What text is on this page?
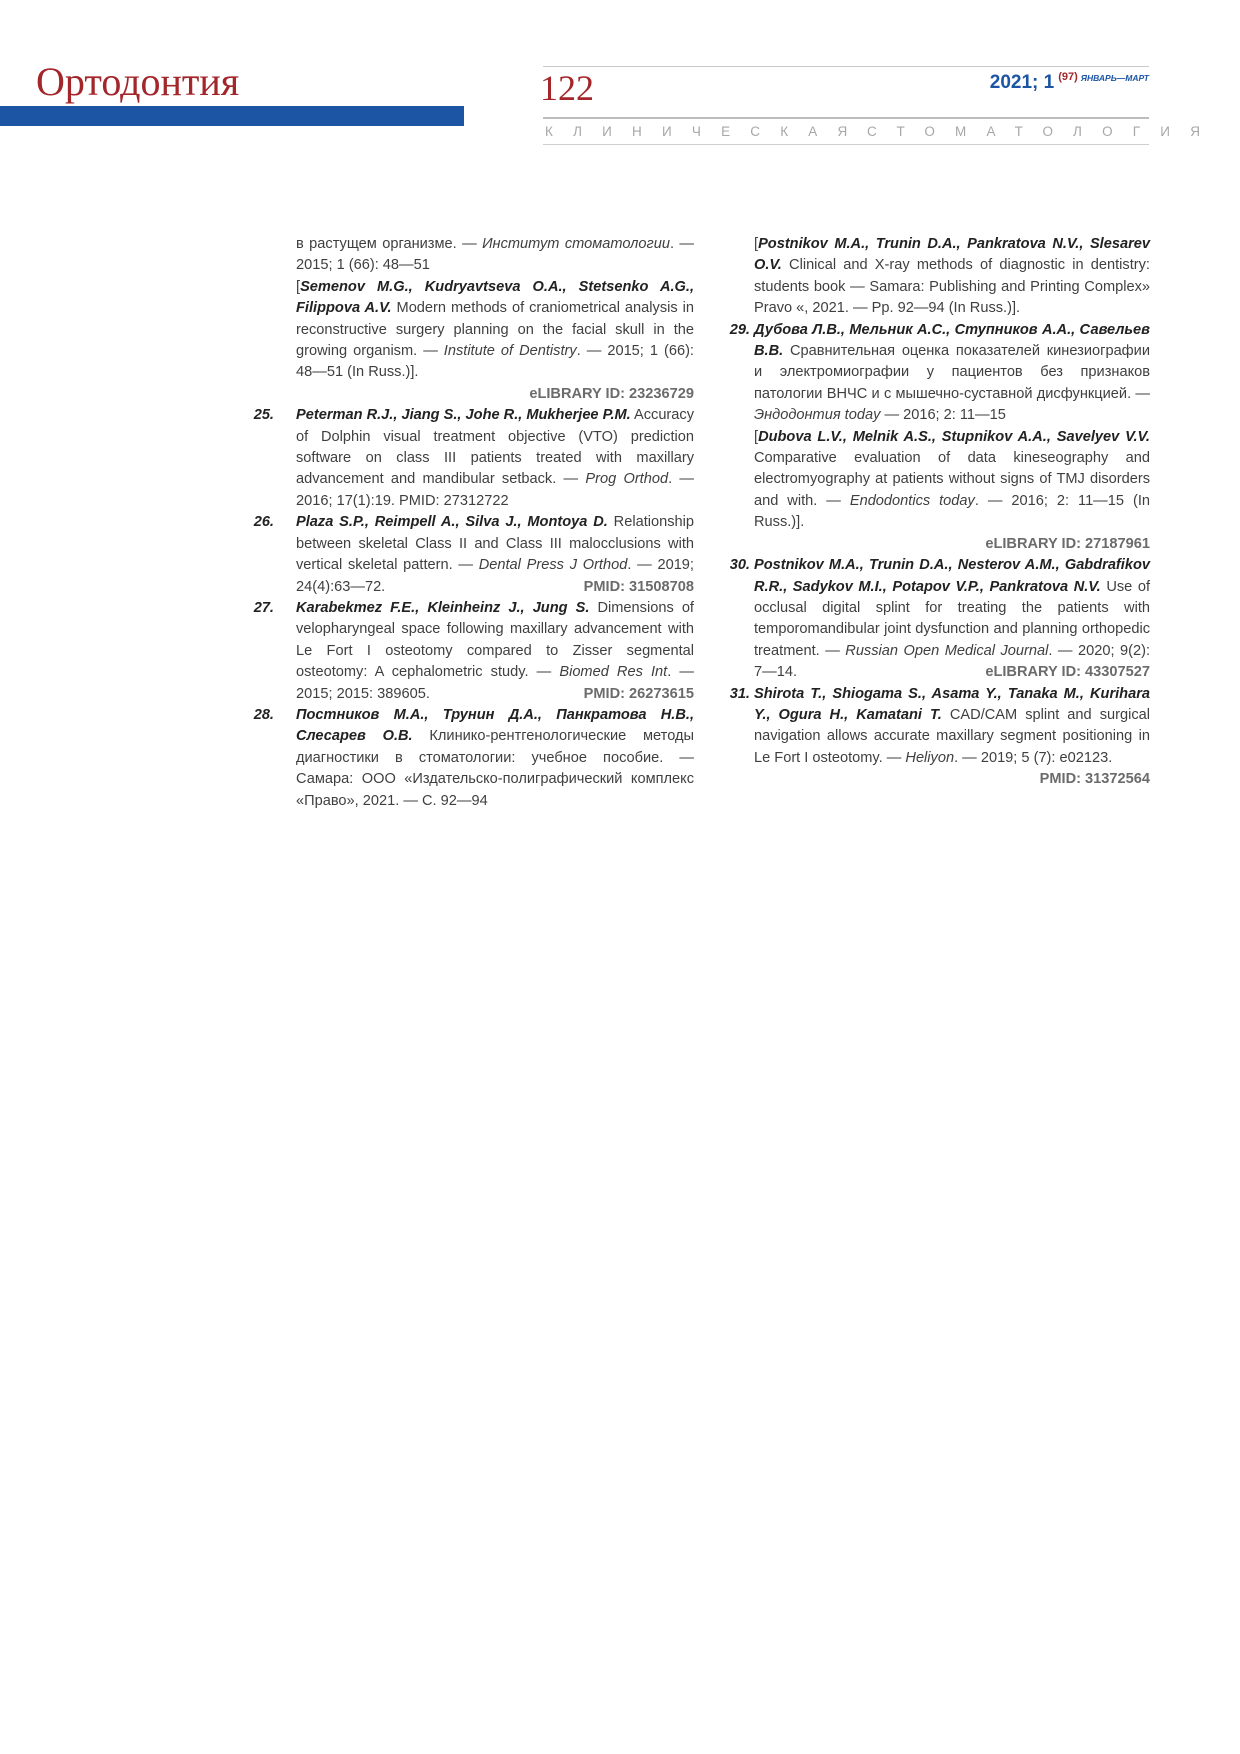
Ортодонтия	122	2021; 1 $^{(97)}$ $^{ЯНВАРЬ—МАРТ}$
КЛИНИЧЕСКАЯ СТОМАТОЛОГИЯ

в растущем организме. — Институт стоматологии. — 2015; 1 (66): 48—51
[Semenov M.G., Kudryavtseva O.A., Stetsenko A.G., Filippova A.V. Modern methods of craniometrical analysis in reconstructive surgery planning on the facial skull in the growing organism. — Institute of Dentistry. — 2015; 1 (66): 48—51 (In Russ.)].
eLIBRARY ID: 23236729

25. Peterman R.J., Jiang S., Johe R., Mukherjee P.M. Accuracy of Dolphin visual treatment objective (VTO) prediction software on class III patients treated with maxillary advancement and mandibular setback. — Prog Orthod. — 2016; 17(1):19. PMID: 27312722

26. Plaza S.P., Reimpell A., Silva J., Montoya D. Relationship between skeletal Class II and Class III malocclusions with vertical skeletal pattern. — Dental Press J Orthod. — 2019; 24(4):63—72.	PMID: 31508708

27. Karabekmez F.E., Kleinheinz J., Jung S. Dimensions of velopharyngeal space following maxillary advancement with Le Fort I osteotomy compared to Zisser segmental osteotomy: A cephalometric study. — Biomed Res Int. — 2015; 2015: 389605.	PMID: 26273615

28. Постников М.А., Трунин Д.А., Панкратова Н.В., Слесарев О.В. Клинико-рентгенологические методы диагностики в стоматологии: учебное пособие. — Самара: ООО «Издательско-полиграфический комплекс «Право», 2021. — С. 92—94

[Postnikov M.A., Trunin D.A., Pankratova N.V., Slesarev O.V. Clinical and X-ray methods of diagnostic in dentistry: students book — Samara: Publishing and Printing Complex» Pravo «, 2021. — Pp. 92—94 (In Russ.)].

29. Дубова Л.В., Мельник А.С., Ступников А.А., Савельев В.В. Сравнительная оценка показателей кинезиографии и электромиографии у пациентов без признаков патологии ВНЧС и с мышечно-суставной дисфункцией. — Эндодонтия today — 2016; 2: 11—15
[Dubova L.V., Melnik A.S., Stupnikov A.A., Savelyev V.V. Comparative evaluation of data kineseography and electromyography at patients without signs of TMJ disorders and with. — Endodontics today. — 2016; 2: 11—15 (In Russ.)].
eLIBRARY ID: 27187961

30. Postnikov M.A., Trunin D.A., Nesterov A.M., Gabdrafikov R.R., Sadykov M.I., Potapov V.P., Pankratova N.V. Use of occlusal digital splint for treating the patients with temporomandibular joint dysfunction and planning orthopedic treatment. — Russian Open Medical Journal. — 2020; 9(2): 7—14.	eLIBRARY ID: 43307527

31. Shirota T., Shiogama S., Asama Y., Tanaka M., Kurihara Y., Ogura H., Kamatani T. CAD/CAM splint and surgical navigation allows accurate maxillary segment positioning in Le Fort I osteotomy. — Heliyon. — 2019; 5 (7): e02123.
PMID: 31372564
